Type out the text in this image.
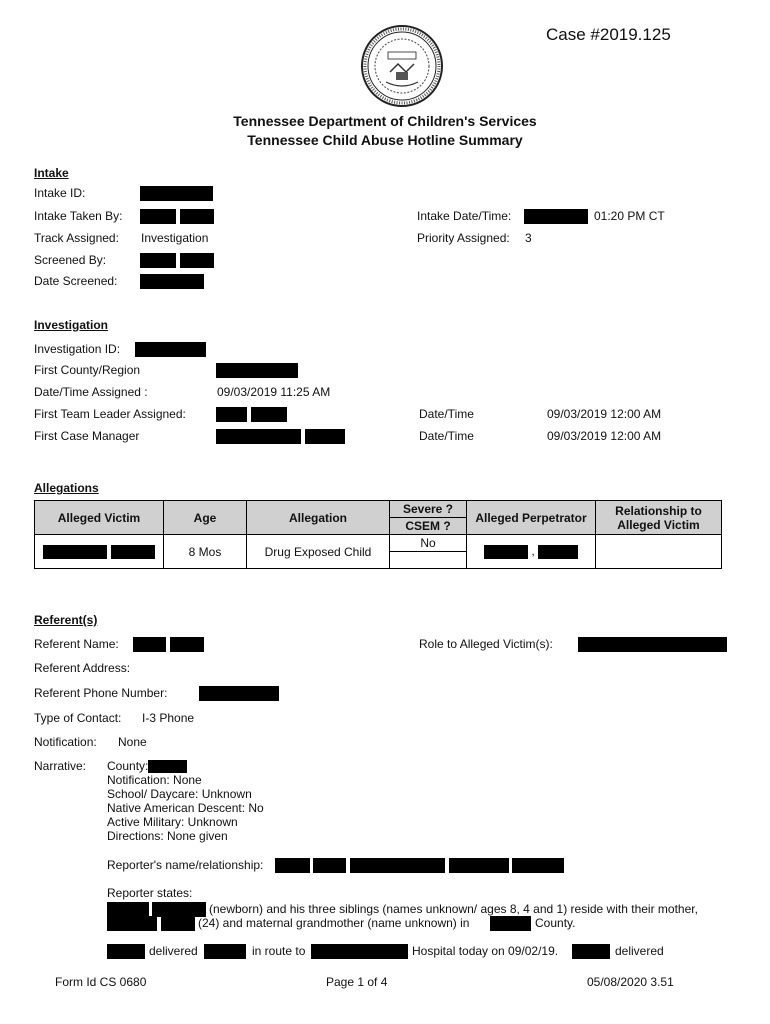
Case #2019.125
Tennessee Department of Children's Services
Tennessee Child Abuse Hotline Summary
Intake
Intake ID:
Intake Taken By:
Track Assigned: Investigation
Screened By:
Date Screened:
Intake Date/Time:	01:20 PM CT
Priority Assigned: 3
Investigation
Investigation ID:
First County/Region
Date/Time Assigned :	09/03/2019 11:25 AM
First Team Leader Assigned:	Date/Time	09/03/2019 12:00 AM
First Case Manager	Date/Time	09/03/2019 12:00 AM
Allegations
Alleged Victim	Age	Allegation	Severe ?	Alleged Perpetrator	Relationship to Alleged Victim
			CSEM ?		
	8 Mos	Drug Exposed Child	No	,	

Referent(s)
Referent Name:	Role to Alleged Victim(s):
Referent Address:
Referent Phone Number:
Type of Contact: I-3 Phone
Notification: None
Narrative: County:
Notification: None
School/ Daycare: Unknown
Native American Descent: No
Active Military: Unknown
Directions: None given
Reporter's name/relationship:
Reporter states:
(newborn) and his three siblings (names unknown/ ages 8, 4 and 1) reside with their mother,
(24) and maternal grandmother (name unknown) in	County.
delivered	in route to	Hospital today on 09/02/19.	delivered
Form Id CS 0680	Page 1 of 4	05/08/2020 3.51
